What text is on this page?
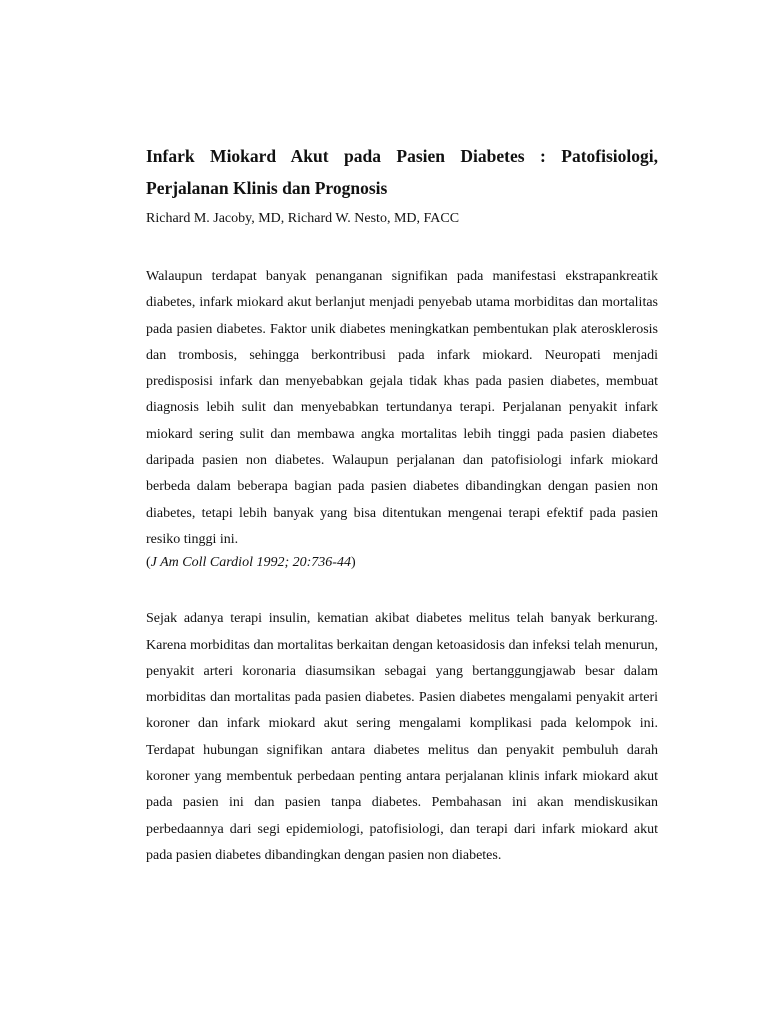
Infark Miokard Akut pada Pasien Diabetes : Patofisiologi, Perjalanan Klinis dan Prognosis

Richard M. Jacoby, MD, Richard W. Nesto, MD, FACC

Walaupun terdapat banyak penanganan signifikan pada manifestasi ekstrapankreatik diabetes, infark miokard akut berlanjut menjadi penyebab utama morbiditas dan mortalitas pada pasien diabetes. Faktor unik diabetes meningkatkan pembentukan plak aterosklerosis dan trombosis, sehingga berkontribusi pada infark miokard. Neuropati menjadi predisposisi infark dan menyebabkan gejala tidak khas pada pasien diabetes, membuat diagnosis lebih sulit dan menyebabkan tertundanya terapi. Perjalanan penyakit infark miokard sering sulit dan membawa angka mortalitas lebih tinggi pada pasien diabetes daripada pasien non diabetes. Walaupun perjalanan dan patofisiologi infark miokard berbeda dalam beberapa bagian pada pasien diabetes dibandingkan dengan pasien non diabetes, tetapi lebih banyak yang bisa ditentukan mengenai terapi efektif pada pasien resiko tinggi ini.

(J Am Coll Cardiol 1992; 20:736-44)

Sejak adanya terapi insulin, kematian akibat diabetes melitus telah banyak berkurang. Karena morbiditas dan mortalitas berkaitan dengan ketoasidosis dan infeksi telah menurun, penyakit arteri koronaria diasumsikan sebagai yang bertanggungjawab besar dalam morbiditas dan mortalitas pada pasien diabetes. Pasien diabetes mengalami penyakit arteri koroner dan infark miokard akut sering mengalami komplikasi pada kelompok ini. Terdapat hubungan signifikan antara diabetes melitus dan penyakit pembuluh darah koroner yang membentuk perbedaan penting antara perjalanan klinis infark miokard akut pada pasien ini dan pasien tanpa diabetes. Pembahasan ini akan mendiskusikan perbedaannya dari segi epidemiologi, patofisiologi, dan terapi dari infark miokard akut pada pasien diabetes dibandingkan dengan pasien non diabetes.
